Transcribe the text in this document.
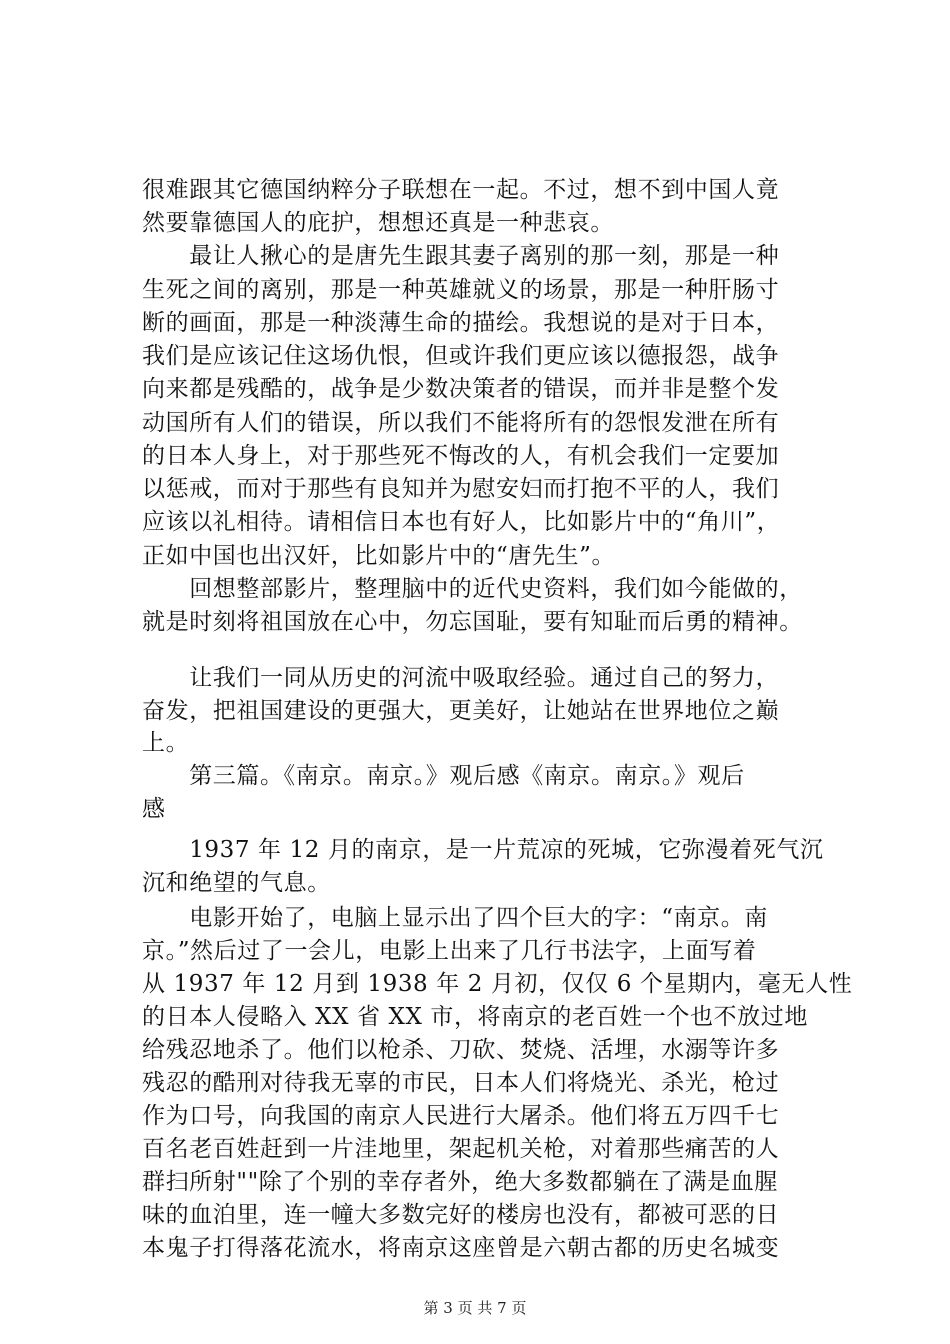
很难跟其它德国纳粹分子联想在一起。不过，想不到中国人竟
然要靠德国人的庇护，想想还真是一种悲哀。
　　最让人揪心的是唐先生跟其妻子离别的那一刻，那是一种
生死之间的离别，那是一种英雄就义的场景，那是一种肝肠寸
断的画面，那是一种淡薄生命的描绘。我想说的是对于日本，
我们是应该记住这场仇恨，但或许我们更应该以德报怨，战争
向来都是残酷的，战争是少数决策者的错误，而并非是整个发
动国所有人们的错误，所以我们不能将所有的怨恨发泄在所有
的日本人身上，对于那些死不悔改的人，有机会我们一定要加
以惩戒，而对于那些有良知并为慰安妇而打抱不平的人，我们
应该以礼相待。请相信日本也有好人，比如影片中的“角川”，
正如中国也出汉奸，比如影片中的“唐先生”。
　　回想整部影片，整理脑中的近代史资料，我们如今能做的，
就是时刻将祖国放在心中，勿忘国耻，要有知耻而后勇的精神。
　　让我们一同从历史的河流中吸取经验。通过自己的努力，
奋发，把祖国建设的更强大，更美好，让她站在世界地位之巅
上。
　　第三篇。《南京。南京。》观后感《南京。南京。》观后
感
　　1937 年 12 月的南京，是一片荒凉的死城，它弥漫着死气沉
沉和绝望的气息。
　　电影开始了，电脑上显示出了四个巨大的字：“南京。南
京。”然后过了一会儿，电影上出来了几行书法字，上面写着
从 1937 年 12 月到 1938 年 2 月初，仅仅 6 个星期内，毫无人性
的日本人侵略入 XX 省 XX 市，将南京的老百姓一个也不放过地
给残忍地杀了。他们以枪杀、刀砍、焚烧、活埋，水溺等许多
残忍的酷刑对待我无辜的市民，日本人们将烧光、杀光，枪过
作为口号，向我国的南京人民进行大屠杀。他们将五万四千七
百名老百姓赶到一片洼地里，架起机关枪，对着那些痛苦的人
群扫所射""除了个别的幸存者外，绝大多数都躺在了满是血腥
味的血泊里，连一幢大多数完好的楼房也没有，都被可恶的日
本鬼子打得落花流水，将南京这座曾是六朝古都的历史名城变
第 3 页 共 7 页
